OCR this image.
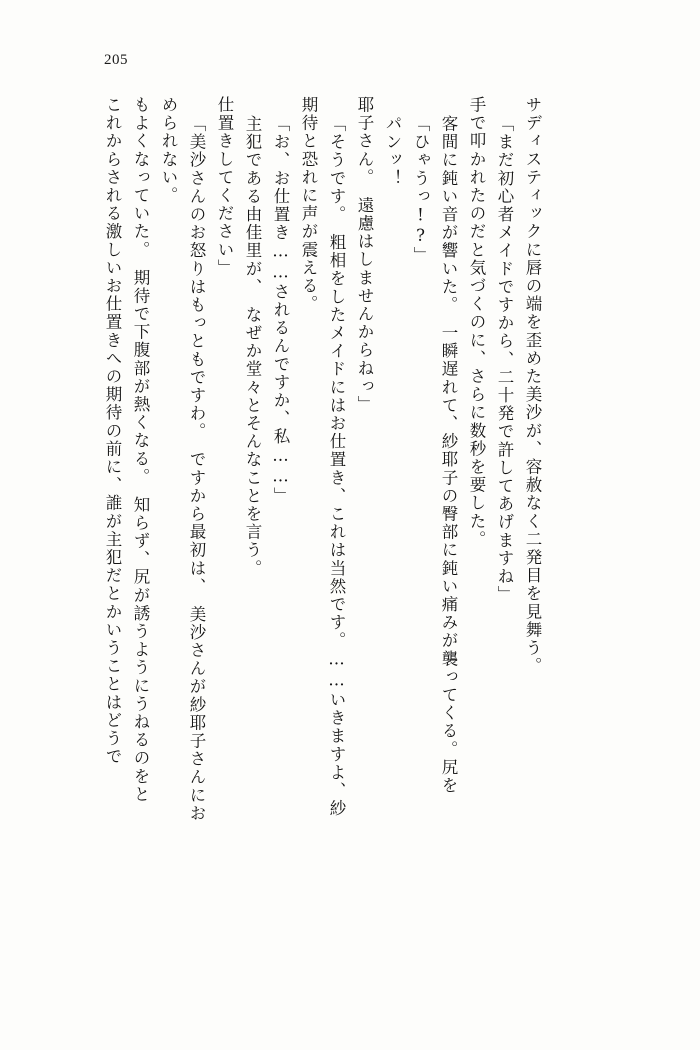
205
これからされる激しいお仕置きへの期待の前に、誰が主犯だとかいうことはどうで もよくなっていた。　期待で下腹部が熱くなる。　知らず、尻が誘うようにうねるのをと められない。 「美沙さんのお怒りはもっともですわ。　ですから最初は、　美沙さんが紗耶子さんにお 仕置きしてください」 主犯である由佳里が、　なぜか堂々とそんなことを言う。 「お、お仕置き……されるんですか、私……」 期待と恐れに声が震える。 「そうです。　粗相をしたメイドにはお仕置き、これは当然です。……いきますよ、紗 耶子さん。　遠慮はしませんからねっ」 パンッ！ 「ひゃうっ!?」 客間に鈍い音が響いた。　一瞬遅れて、紗耶子の臀部に鈍い痛みが襲ってくる。尻を 手で叩かれたのだと気づくのに、さらに数秒を要した。 「まだ初心者メイドですから、二十発で許してあげますね」 サディスティックに唇の端を歪めた美沙が、容赦なく二発目を見舞う。
